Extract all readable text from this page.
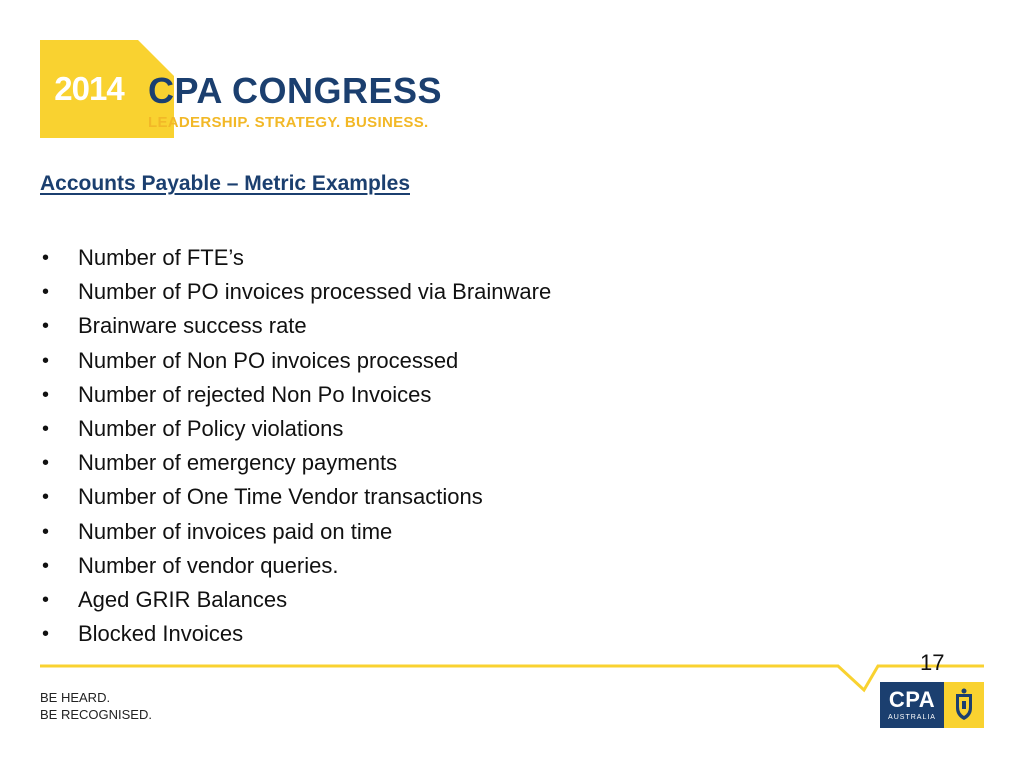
2014 CPA CONGRESS
LEADERSHIP. STRATEGY. BUSINESS.
Accounts Payable – Metric Examples
• Number of FTE’s
• Number of PO invoices processed via Brainware
• Brainware success rate
• Number of Non PO invoices processed
• Number of rejected Non Po Invoices
• Number of Policy violations
• Number of emergency payments
• Number of One Time Vendor transactions
• Number of invoices paid on time
• Number of vendor queries.
• Aged GRIR Balances
• Blocked Invoices
17
BE HEARD.
BE RECOGNISED.
CPA
AUSTRALIA
